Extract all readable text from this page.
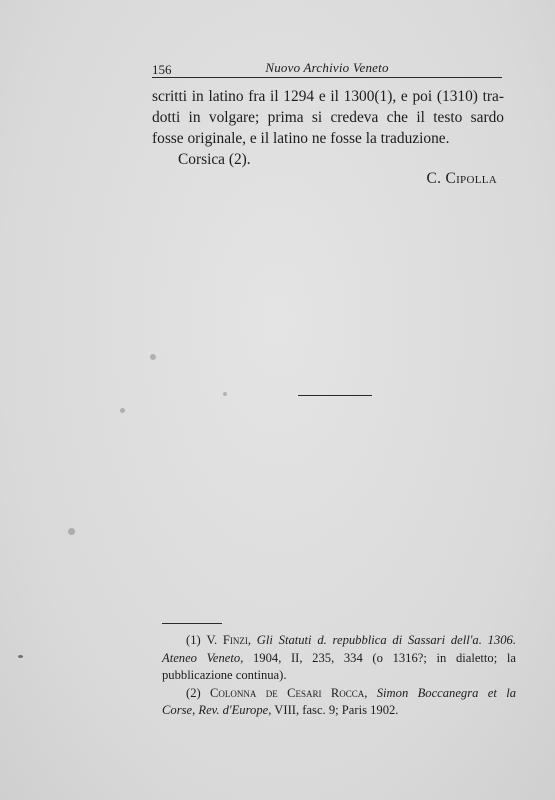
156	Nuovo Archivio Veneto

scritti in latino fra il 1294 e il 1300(1), e poi (1310) tra-
dotti in volgare; prima si credeva che il testo sardo
fosse originale, e il latino ne fosse la traduzione.
Corsica (2).

C. Cipolla
(1) V. Finzi, Gli Statuti d. repubblica di Sassari dell'a. 1306.
Ateneo Veneto, 1904, II, 235, 334 (o 1316?; in dialetto; la
pubblicazione continua).
(2) Colonna de Cesari Rocca, Simon Boccanegra et la
Corse, Rev. d'Europe, VIII, fasc. 9; Paris 1902.
